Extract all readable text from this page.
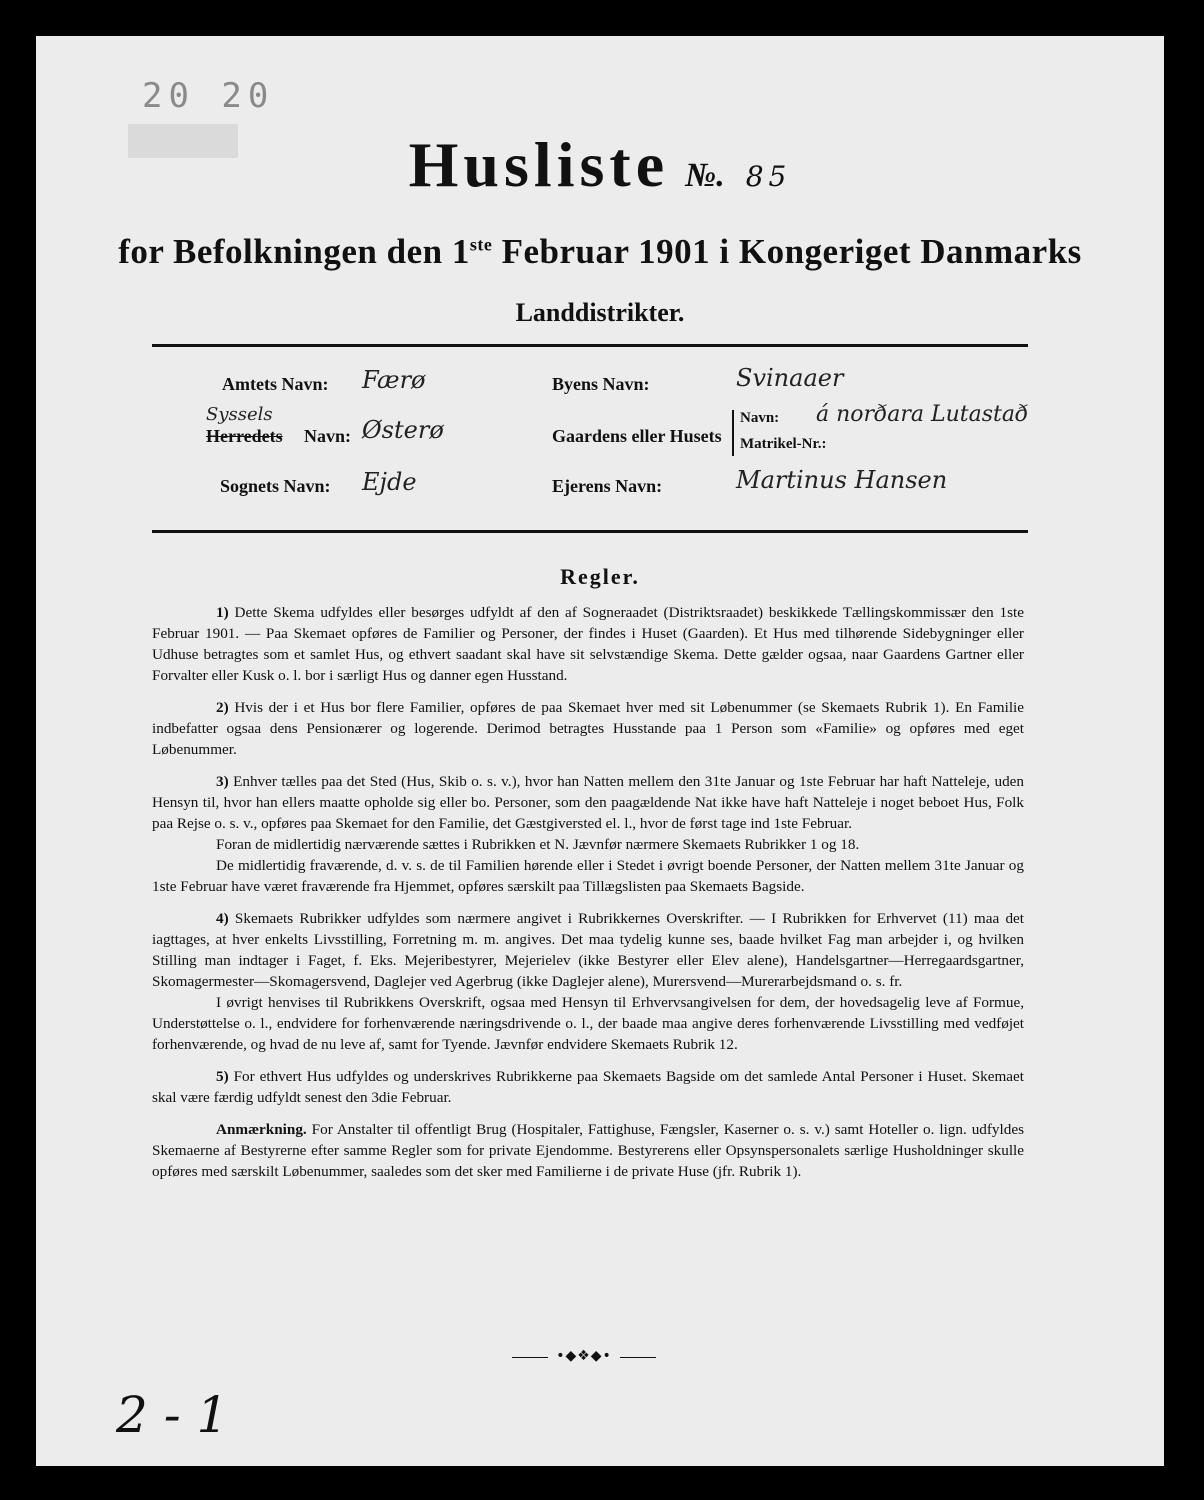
20 20
Husliste №. 85
for Befolkningen den 1ste Februar 1901 i Kongeriget Danmarks
Landdistrikter.
Amtets Navn: Færø
Syssels
Herredets Navn: Østerø
Sognets Navn: Ejde
Byens Navn:	Svinaaer
Gaardens eller Husets
Navn: á norðara Lutastað
Matrikel-Nr.:
Ejerens Navn:	Martinus Hansen
Regler.

1) Dette Skema udfyldes eller besørges udfyldt af den af Sogneraadet (Distriktsraadet) beskikkede Tællingskommissær den 1ste Februar 1901. — Paa Skemaet opføres de Familier og Personer, der findes i Huset (Gaarden). Et Hus med tilhørende Sidebygninger eller Udhuse betragtes som et samlet Hus, og ethvert saadant skal have sit selvstændige Skema. Dette gælder ogsaa, naar Gaardens Gartner eller Forvalter eller Kusk o. l. bor i særligt Hus og danner egen Husstand.

2) Hvis der i et Hus bor flere Familier, opføres de paa Skemaet hver med sit Løbenummer (se Skemaets Rubrik 1). En Familie indbefatter ogsaa dens Pensionærer og logerende. Derimod betragtes Husstande paa 1 Person som «Familie» og opføres med eget Løbenummer.

3) Enhver tælles paa det Sted (Hus, Skib o. s. v.), hvor han Natten mellem den 31te Januar og 1ste Februar har haft Natteleje, uden Hensyn til, hvor han ellers maatte opholde sig eller bo. Personer, som den paagældende Nat ikke have haft Natteleje i noget beboet Hus, Folk paa Rejse o. s. v., opføres paa Skemaet for den Familie, det Gæstgiversted el. l., hvor de først tage ind 1ste Februar.

Foran de midlertidig nærværende sættes i Rubrikken et N. Jævnfør nærmere Skemaets Rubrikker 1 og 18.

De midlertidig fraværende, d. v. s. de til Familien hørende eller i Stedet i øvrigt boende Personer, der Natten mellem 31te Januar og 1ste Februar have været fraværende fra Hjemmet, opføres særskilt paa Tillægslisten paa Skemaets Bagside.

4) Skemaets Rubrikker udfyldes som nærmere angivet i Rubrikkernes Overskrifter. — I Rubrikken for Erhvervet (11) maa det iagttages, at hver enkelts Livsstilling, Forretning m. m. angives. Det maa tydelig kunne ses, baade hvilket Fag man arbejder i, og hvilken Stilling man indtager i Faget, f. Eks. Mejeribestyrer, Mejerielev (ikke Bestyrer eller Elev alene), Handelsgartner—Herregaardsgartner, Skomagermester—Skomagersvend, Daglejer ved Agerbrug (ikke Daglejer alene), Murersvend—Murerarbejdsmand o. s. fr.

I øvrigt henvises til Rubrikkens Overskrift, ogsaa med Hensyn til Erhvervsangivelsen for dem, der hovedsagelig leve af Formue, Understøttelse o. l., endvidere for forhenværende næringsdrivende o. l., der baade maa angive deres forhenværende Livsstilling med vedføjet forhenværende, og hvad de nu leve af, samt for Tyende. Jævnfør endvidere Skemaets Rubrik 12.

5) For ethvert Hus udfyldes og underskrives Rubrikkerne paa Skemaets Bagside om det samlede Antal Personer i Huset. Skemaet skal være færdig udfyldt senest den 3die Februar.

Anmærkning. For Anstalter til offentligt Brug (Hospitaler, Fattighuse, Fængsler, Kaserner o. s. v.) samt Hoteller o. lign. udfyldes Skemaerne af Bestyrerne efter samme Regler som for private Ejendomme. Bestyrerens eller Opsynspersonalets særlige Husholdninger skulle opføres med særskilt Løbenummer, saaledes som det sker med Familierne i de private Huse (jfr. Rubrik 1).

•◆❖◆•
2 - 1
